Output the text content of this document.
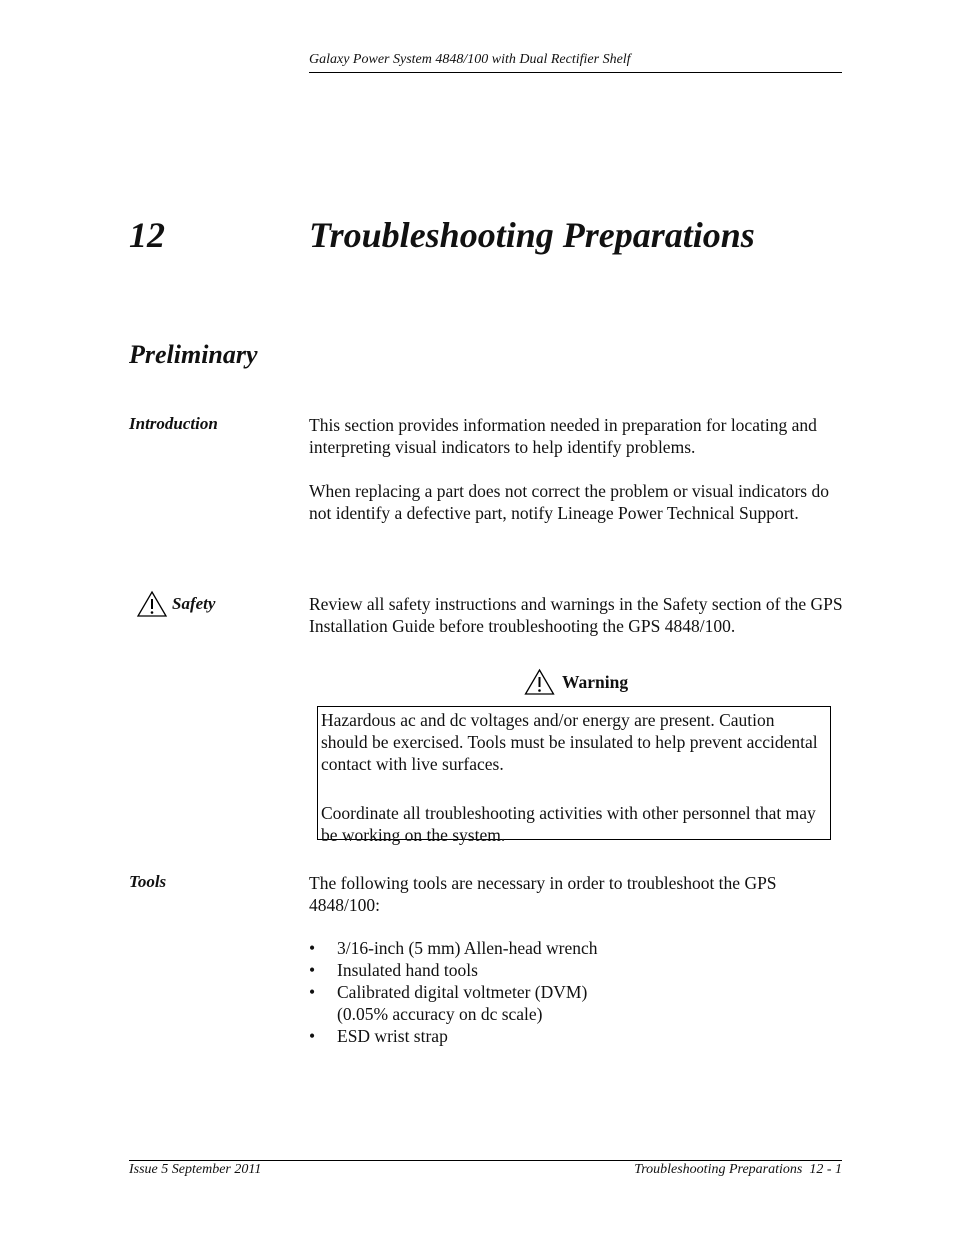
Galaxy Power System 4848/100 with Dual Rectifier Shelf
12	Troubleshooting Preparations
Preliminary
Introduction	This section provides information needed in preparation for locating and interpreting visual indicators to help identify problems.

When replacing a part does not correct the problem or visual indicators do not identify a defective part, notify Lineage Power Technical Support.

Safety	Review all safety instructions and warnings in the Safety section of the GPS Installation Guide before troubleshooting the GPS 4848/100.

Warning

Hazardous ac and dc voltages and/or energy are present. Caution should be exercised. Tools must be insulated to help prevent accidental contact with live surfaces.

Coordinate all troubleshooting activities with other personnel that may be working on the system.

Tools	The following tools are necessary in order to troubleshoot the GPS 4848/100:

• 3/16-inch (5 mm) Allen-head wrench
• Insulated hand tools
• Calibrated digital voltmeter (DVM)
(0.05% accuracy on dc scale)
• ESD wrist strap
Issue 5 September 2011	Troubleshooting Preparations  12 - 1
